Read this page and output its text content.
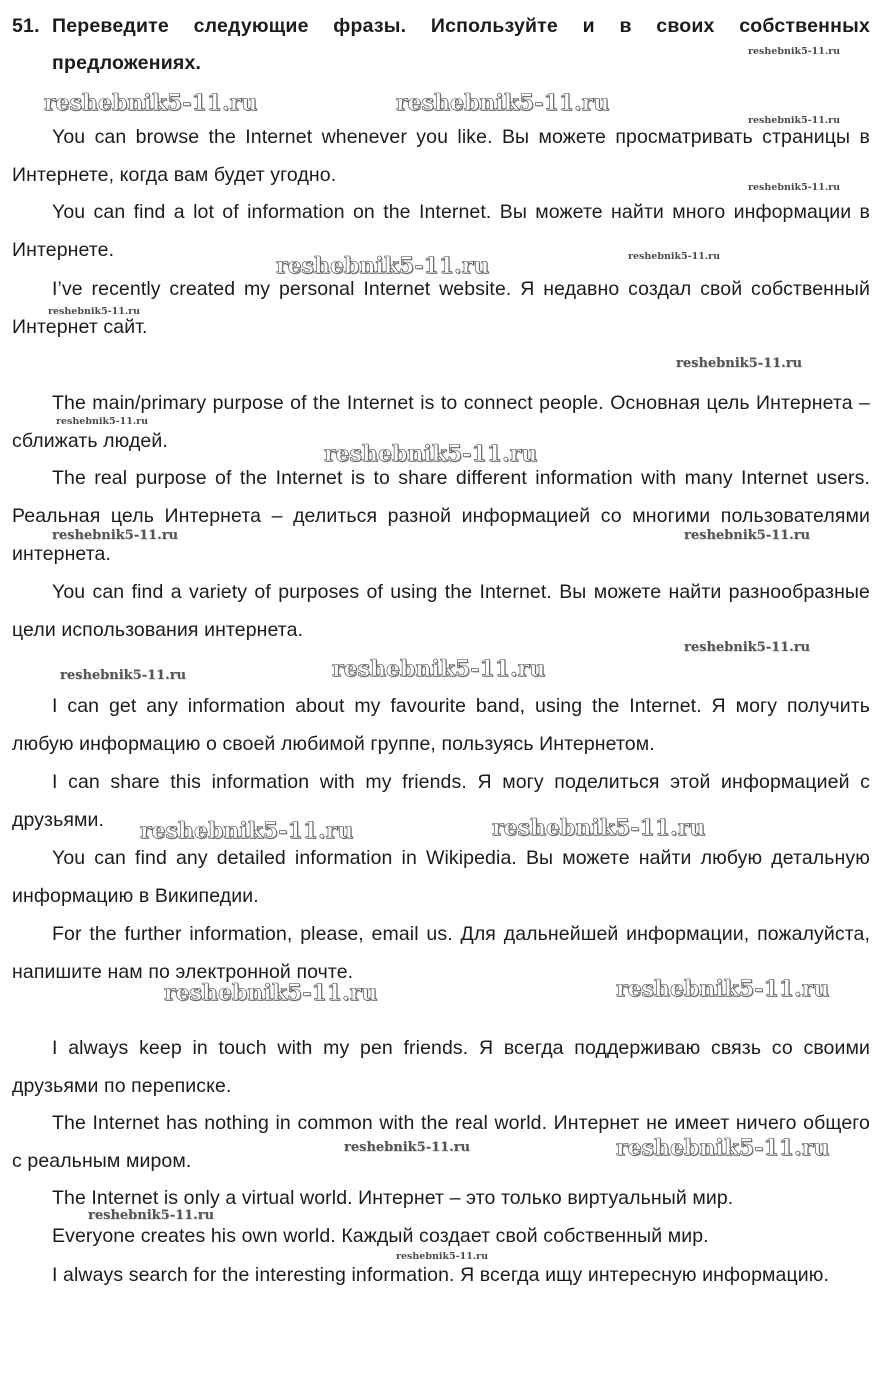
51. Переведите следующие фразы. Используйте и в своих собственных
предложениях.

You can browse the Internet whenever you like. Вы можете просматривать страницы в Интернете, когда вам будет угодно.

You can find a lot of information on the Internet. Вы можете найти много информации в Интернете.

I’ve recently created my personal Internet website. Я недавно создал свой собственный Интернет сайт.

The main/primary purpose of the Internet is to connect people. Основная цель Интернета – сближать людей.

The real purpose of the Internet is to share different information with many Internet users. Реальная цель Интернета – делиться разной информацией со многими пользователями интернета.

You can find a variety of purposes of using the Internet. Вы можете найти разнообразные цели использования интернета.

I can get any information about my favourite band, using the Internet. Я могу получить любую информацию о своей любимой группе, пользуясь Интернетом.

I can share this information with my friends. Я могу поделиться этой информацией с друзьями.

You can find any detailed information in Wikipedia. Вы можете найти любую детальную информацию в Википедии.

For the further information, please, email us. Для дальнейшей информации, пожалуйста, напишите нам по электронной почте.

I always keep in touch with my pen friends. Я всегда поддерживаю связь со своими друзьями по переписке.

The Internet has nothing in common with the real world. Интернет не имеет ничего общего с реальным миром.

The Internet is only a virtual world. Интернет – это только виртуальный мир.

Everyone creates his own world. Каждый создает свой собственный мир.

I always search for the interesting information. Я всегда ищу интересную информацию.

reshebnik5-11.ru
reshebnik5-11.ru	reshebnik5-11.ru
reshebnik5-11.ru
reshebnik5-11.ru
reshebnik5-11.ru
reshebnik5-11.ru
reshebnik5-11.ru
reshebnik5-11.ru
reshebnik5-11.ru
reshebnik5-11.ru
reshebnik5-11.ru	reshebnik5-11.ru
reshebnik5-11.ru
reshebnik5-11.ru	reshebnik5-11.ru
reshebnik5-11.ru	reshebnik5-11.ru
reshebnik5-11.ru	reshebnik5-11.ru
reshebnik5-11.ru	reshebnik5-11.ru
reshebnik5-11.ru
reshebnik5-11.ru
